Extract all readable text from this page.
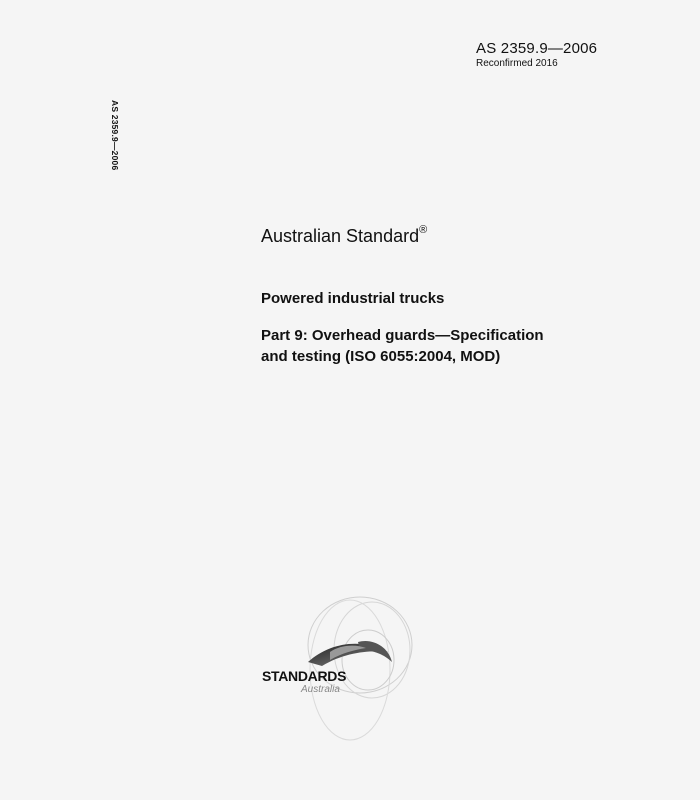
AS 2359.9—2006
Reconfirmed 2016
AS 2359.9—2006
Australian Standard®
Powered industrial trucks
Part 9: Overhead guards—Specification
and testing (ISO 6055:2004, MOD)
STANDARDS
Australia
